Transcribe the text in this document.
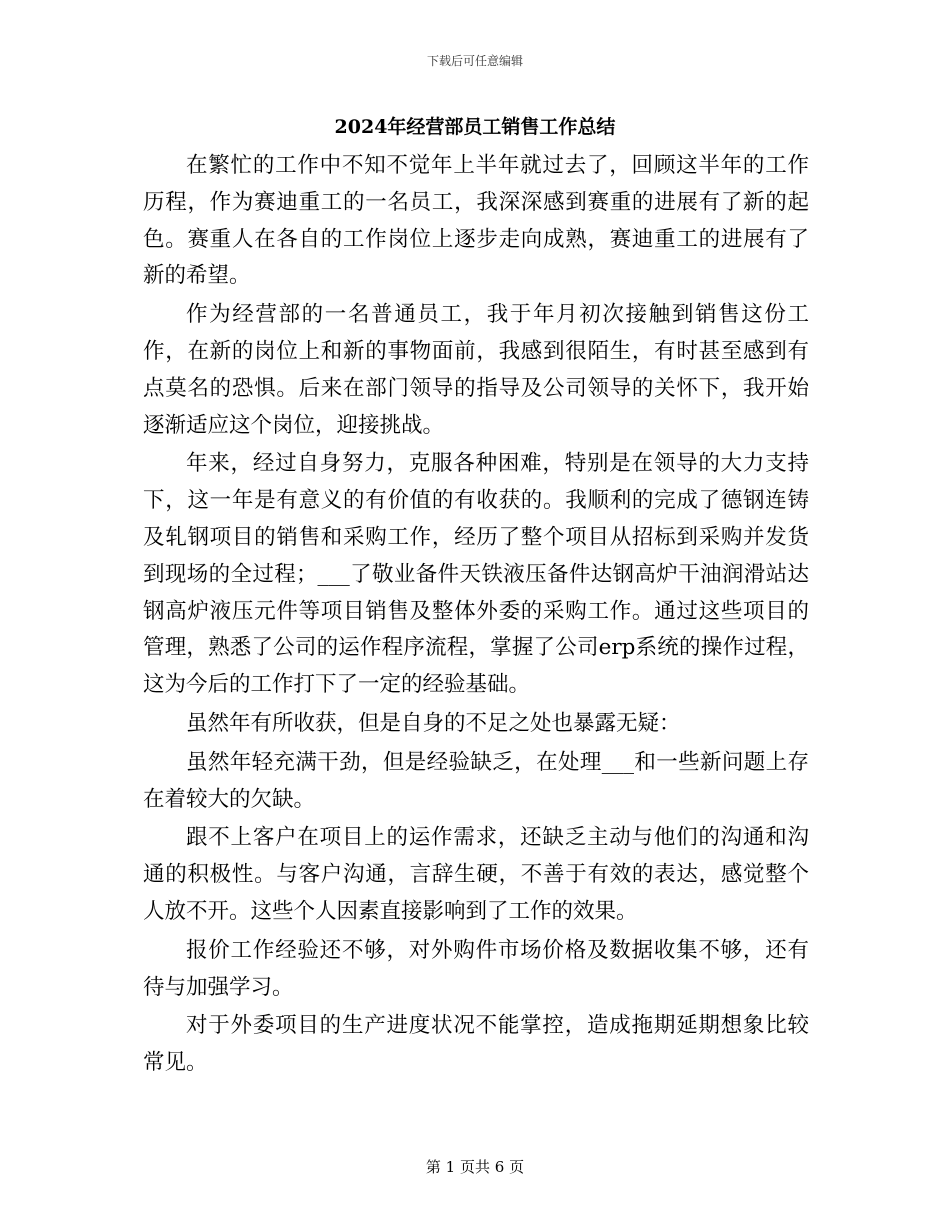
下载后可任意编辑
2024年经营部员工销售工作总结

在繁忙的工作中不知不觉年上半年就过去了，回顾这半年的工作历程，作为赛迪重工的一名员工，我深深感到赛重的进展有了新的起色。赛重人在各自的工作岗位上逐步走向成熟，赛迪重工的进展有了新的希望。

作为经营部的一名普通员工，我于年月初次接触到销售这份工作，在新的岗位上和新的事物面前，我感到很陌生，有时甚至感到有点莫名的恐惧。后来在部门领导的指导及公司领导的关怀下，我开始逐渐适应这个岗位，迎接挑战。

年来，经过自身努力，克服各种困难，特别是在领导的大力支持下，这一年是有意义的有价值的有收获的。我顺利的完成了德钢连铸及轧钢项目的销售和采购工作，经历了整个项目从招标到采购并发货到现场的全过程；___了敬业备件天铁液压备件达钢高炉干油润滑站达钢高炉液压元件等项目销售及整体外委的采购工作。通过这些项目的管理，熟悉了公司的运作程序流程，掌握了公司erp系统的操作过程，这为今后的工作打下了一定的经验基础。

虽然年有所收获，但是自身的不足之处也暴露无疑：

虽然年轻充满干劲，但是经验缺乏，在处理___和一些新问题上存在着较大的欠缺。

跟不上客户在项目上的运作需求，还缺乏主动与他们的沟通和沟通的积极性。与客户沟通，言辞生硬，不善于有效的表达，感觉整个人放不开。这些个人因素直接影响到了工作的效果。

报价工作经验还不够，对外购件市场价格及数据收集不够，还有待与加强学习。

对于外委项目的生产进度状况不能掌控，造成拖期延期想象比较常见。

第 1 页共 6 页
